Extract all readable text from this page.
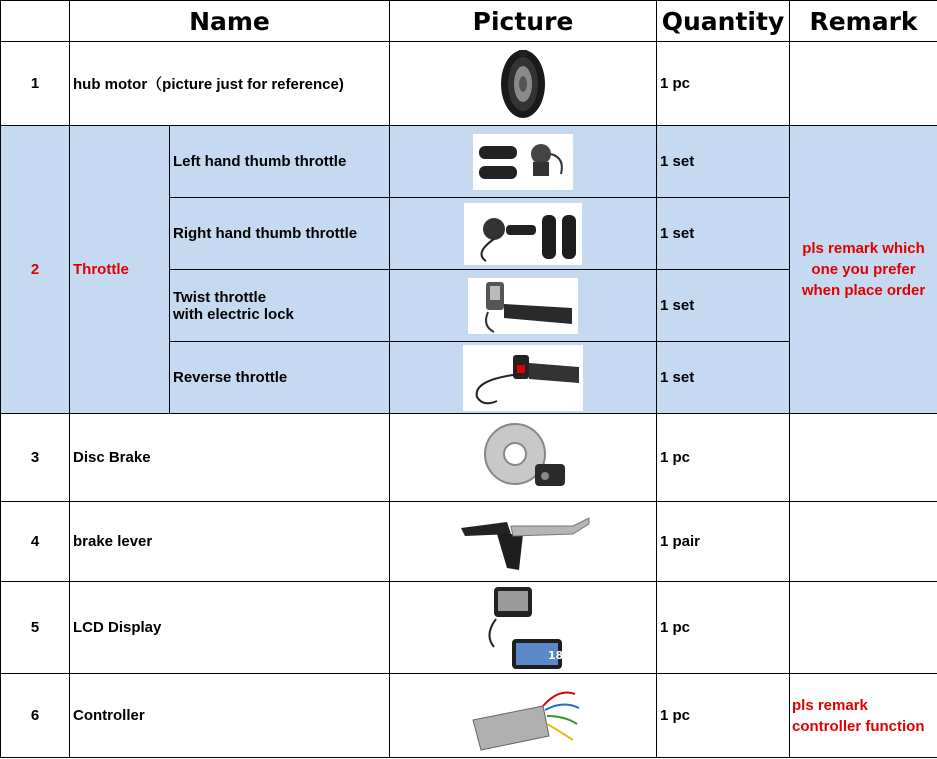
	Name		Picture	Quantity	Remark
1	hub motor（picture just for reference)			1 pc	
2	Throttle	Left hand thumb throttle		1 set	pls remark which
one you prefer
when place order

		Right hand thumb throttle		1 set	

		Twist throttle
with electric lock		1 set	
		Reverse throttle		1 set	
3	Disc Brake			1 pc	
4	brake lever			1 pair	
5	LCD Display		18	1 pc	
6	Controller			1 pc	pls remark
controller function
